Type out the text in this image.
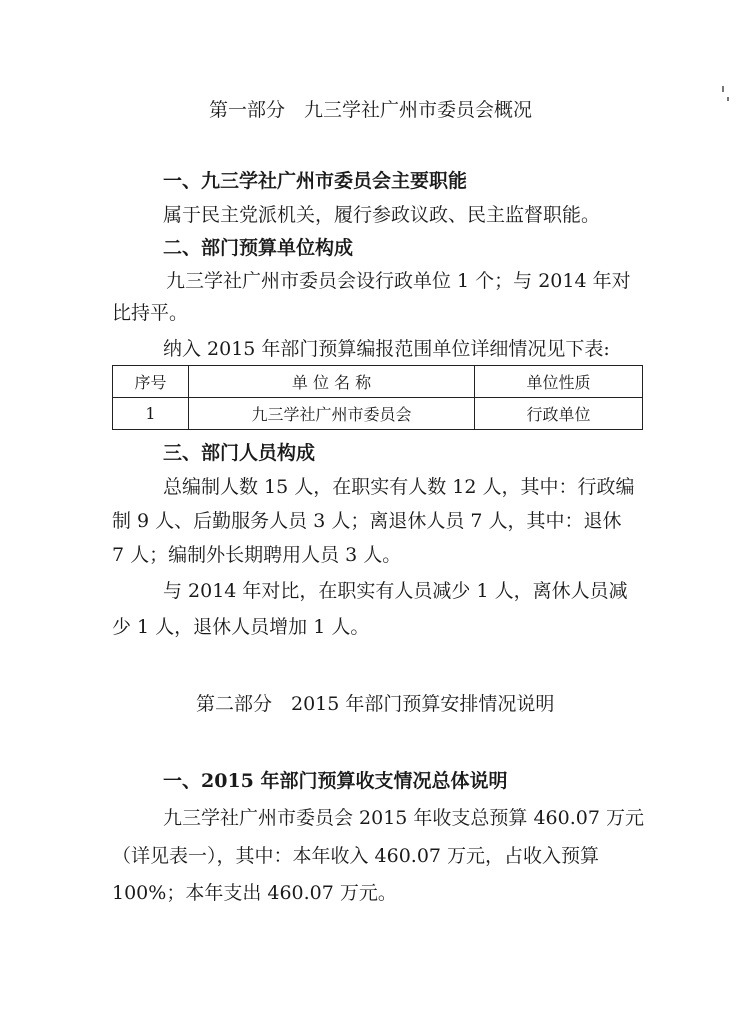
第一部分　九三学社广州市委员会概况
一、九三学社广州市委员会主要职能
属于民主党派机关，履行参政议政、民主监督职能。
二、部门预算单位构成
九三学社广州市委员会设行政单位 1 个；与 2014 年对
比持平。
纳入 2015 年部门预算编报范围单位详细情况见下表:
序号	单 位 名 称	单位性质
1	九三学社广州市委员会	行政单位
三、部门人员构成
总编制人数 15 人，在职实有人数 12 人，其中：行政编
制 9 人、后勤服务人员 3 人；离退休人员 7 人，其中：退休
7 人；编制外长期聘用人员 3 人。
与 2014 年对比，在职实有人员减少 1 人，离休人员减
少 1 人，退休人员增加 1 人。
第二部分　2015 年部门预算安排情况说明
一、2015 年部门预算收支情况总体说明
九三学社广州市委员会 2015 年收支总预算 460.07 万元
（详见表一），其中：本年收入 460.07 万元，占收入预算
100%；本年支出 460.07 万元。
